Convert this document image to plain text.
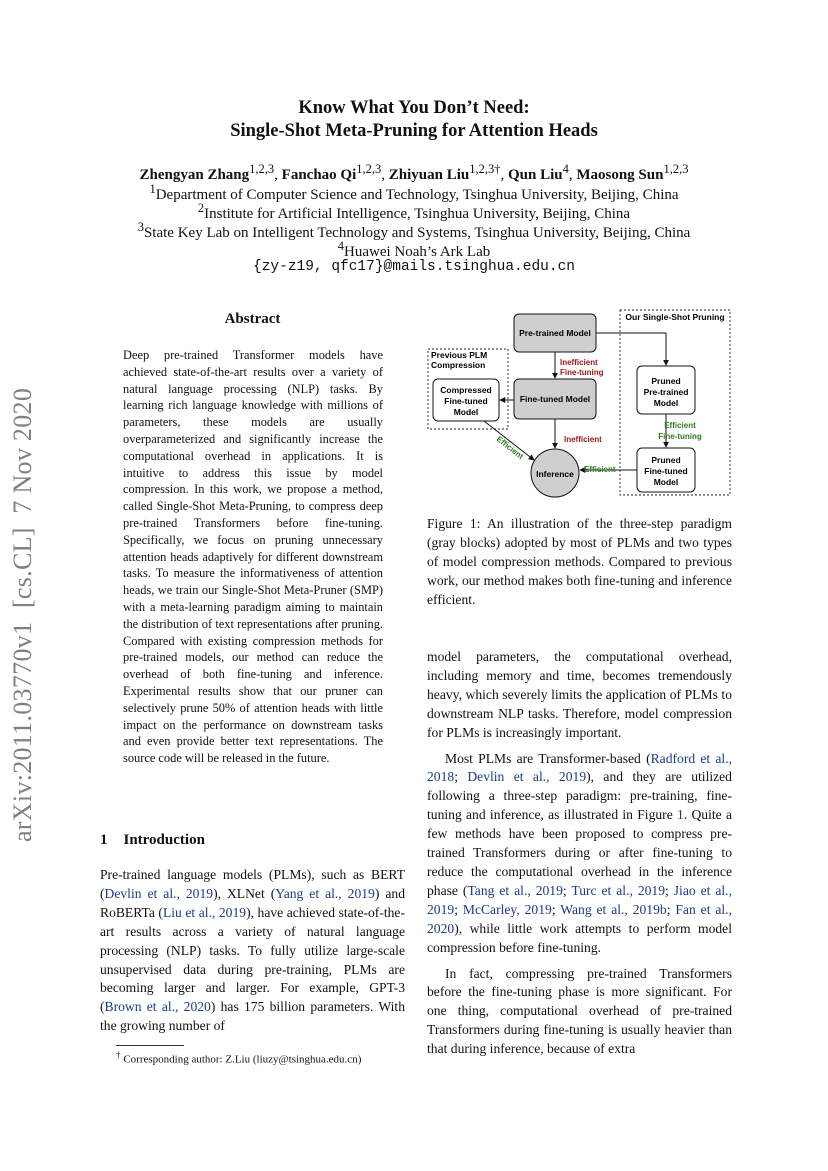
Know What You Don’t Need:
Single-Shot Meta-Pruning for Attention Heads
Zhengyan Zhang$^{1,2,3}$, Fanchao Qi$^{1,2,3}$, Zhiyuan Liu$^{1,2,3\dagger}$, Qun Liu$^4$, Maosong Sun$^{1,2,3}$
$^1$Department of Computer Science and Technology, Tsinghua University, Beijing, China
$^2$Institute for Artificial Intelligence, Tsinghua University, Beijing, China
$^3$State Key Lab on Intelligent Technology and Systems, Tsinghua University, Beijing, China
$^4$Huawei Noah’s Ark Lab
{zy-z19, qfc17}@mails.tsinghua.edu.cn
arXiv:2011.03770v1  [cs.CL]  7 Nov 2020
Abstract

Deep pre-trained Transformer models have achieved state-of-the-art results over a variety of natural language processing (NLP) tasks. By learning rich language knowledge with millions of parameters, these models are usually overparameterized and significantly increase the computational overhead in applications. It is intuitive to address this issue by model compression. In this work, we propose a method, called Single-Shot Meta-Pruning, to compress deep pre-trained Transformers before fine-tuning. Specifically, we focus on pruning unnecessary attention heads adaptively for different downstream tasks. To measure the informativeness of attention heads, we train our Single-Shot Meta-Pruner (SMP) with a meta-learning paradigm aiming to maintain the distribution of text representations after pruning. Compared with existing compression methods for pre-trained models, our method can reduce the overhead of both fine-tuning and inference. Experimental results show that our pruner can selectively prune 50% of attention heads with little impact on the performance on downstream tasks and even provide better text representations. The source code will be released in the future.

1 Introduction

Pre-trained language models (PLMs), such as BERT (Devlin et al., 2019), XLNet (Yang et al., 2019) and RoBERTa (Liu et al., 2019), have achieved state-of-the-art results across a variety of natural language processing (NLP) tasks. To fully utilize large-scale unsupervised data during pre-training, PLMs are becoming larger and larger. For example, GPT-3 (Brown et al., 2020) has 175 billion parameters. With the growing number of

† Corresponding author: Z.Liu (liuzy@tsinghua.edu.cn)
Our Single-Shot Pruning
Previous PLM
Compression
Pre-trained Model
Fine-tuned Model
Inference
Compressed
Fine-tuned
Model
Pruned
Pre-trained
Model
Pruned
Fine-tuned
Model
Inefficient
Fine-tuning
Inefficient
Efficient
Fine-tuning
Efficient
Efficient
Figure 1: An illustration of the three-step paradigm (gray blocks) adopted by most of PLMs and two types of model compression methods. Compared to previous work, our method makes both fine-tuning and inference efficient.

model parameters, the computational overhead, including memory and time, becomes tremendously heavy, which severely limits the application of PLMs to downstream NLP tasks. Therefore, model compression for PLMs is increasingly important.

Most PLMs are Transformer-based (Radford et al., 2018; Devlin et al., 2019), and they are utilized following a three-step paradigm: pre-training, fine-tuning and inference, as illustrated in Figure 1. Quite a few methods have been proposed to compress pre-trained Transformers during or after fine-tuning to reduce the computational overhead in the inference phase (Tang et al., 2019; Turc et al., 2019; Jiao et al., 2019; McCarley, 2019; Wang et al., 2019b; Fan et al., 2020), while little work attempts to perform model compression before fine-tuning.

In fact, compressing pre-trained Transformers before the fine-tuning phase is more significant. For one thing, computational overhead of pre-trained Transformers during fine-tuning is usually heavier than that during inference, because of extra
